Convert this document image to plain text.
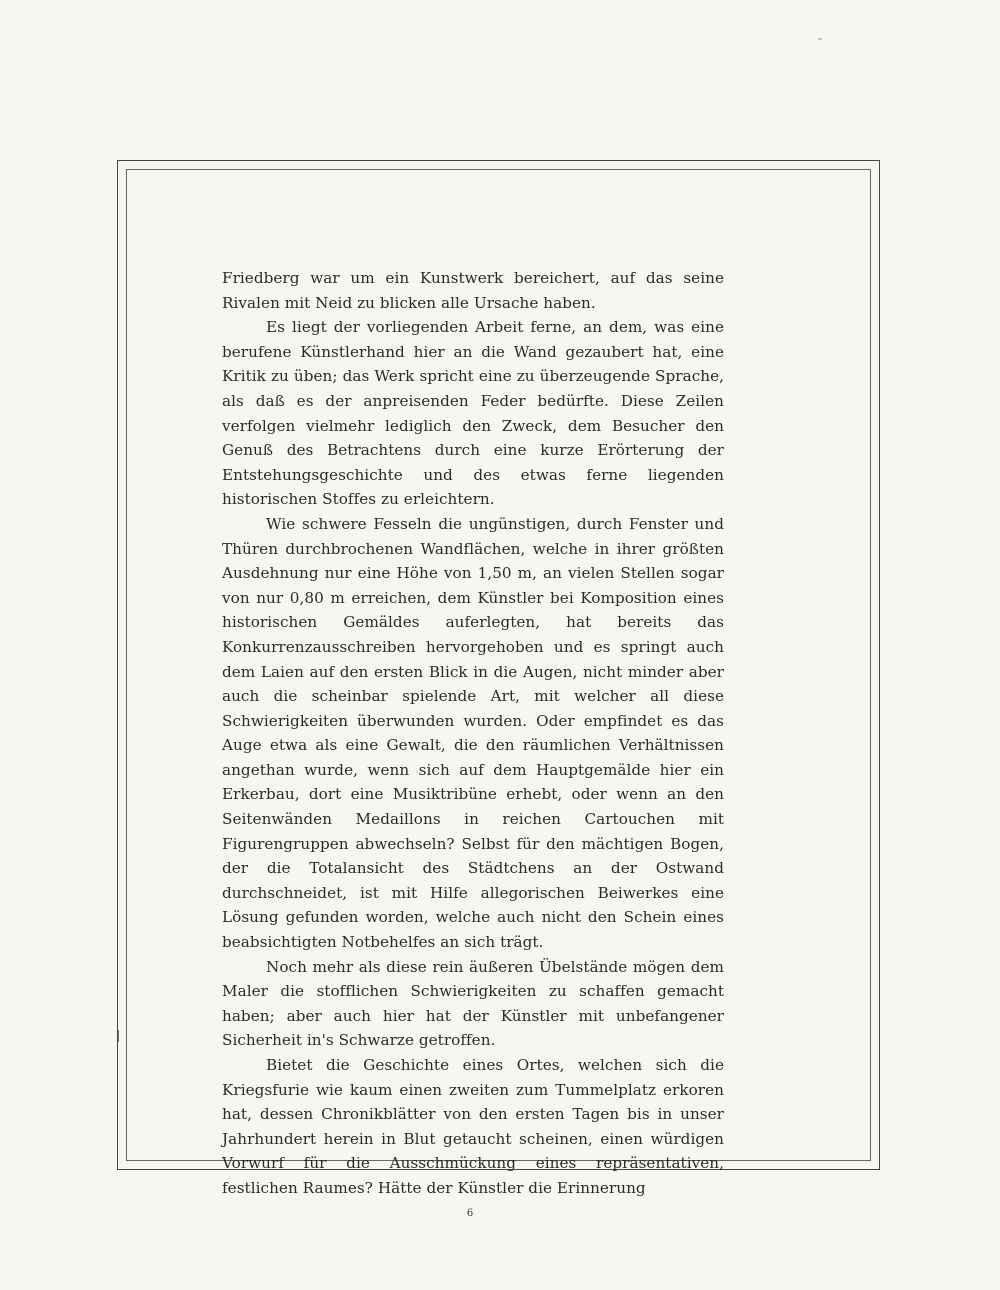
Friedberg war um ein Kunstwerk bereichert, auf das seine Rivalen mit Neid zu blicken alle Ursache haben.

Es liegt der vorliegenden Arbeit ferne, an dem, was eine berufene Künstlerhand hier an die Wand gezaubert hat, eine Kritik zu üben; das Werk spricht eine zu überzeugende Sprache, als daß es der anpreisenden Feder bedürfte. Diese Zeilen verfolgen vielmehr lediglich den Zweck, dem Besucher den Genuß des Betrachtens durch eine kurze Erörterung der Entstehungsgeschichte und des etwas ferne liegenden historischen Stoffes zu erleichtern.

Wie schwere Fesseln die ungünstigen, durch Fenster und Thüren durchbrochenen Wandflächen, welche in ihrer größten Ausdehnung nur eine Höhe von 1,50 m, an vielen Stellen sogar von nur 0,80 m erreichen, dem Künstler bei Komposition eines historischen Gemäldes auferlegten, hat bereits das Konkurrenzausschreiben hervorgehoben und es springt auch dem Laien auf den ersten Blick in die Augen, nicht minder aber auch die scheinbar spielende Art, mit welcher all diese Schwierigkeiten überwunden wurden. Oder empfindet es das Auge etwa als eine Gewalt, die den räumlichen Verhältnissen angethan wurde, wenn sich auf dem Hauptgemälde hier ein Erkerbau, dort eine Musiktribüne erhebt, oder wenn an den Seitenwänden Medaillons in reichen Cartouchen mit Figurengruppen abwechseln? Selbst für den mächtigen Bogen, der die Totalansicht des Städtchens an der Ostwand durchschneidet, ist mit Hilfe allegorischen Beiwerkes eine Lösung gefunden worden, welche auch nicht den Schein eines beabsichtigten Notbehelfes an sich trägt.

Noch mehr als diese rein äußeren Übelstände mögen dem Maler die stofflichen Schwierigkeiten zu schaffen gemacht haben; aber auch hier hat der Künstler mit unbefangener Sicherheit in's Schwarze getroffen.

Bietet die Geschichte eines Ortes, welchen sich die Kriegsfurie wie kaum einen zweiten zum Tummelplatz erkoren hat, dessen Chronikblätter von den ersten Tagen bis in unser Jahrhundert herein in Blut getaucht scheinen, einen würdigen Vorwurf für die Ausschmückung eines repräsentativen, festlichen Raumes? Hätte der Künstler die Erinnerung

6
